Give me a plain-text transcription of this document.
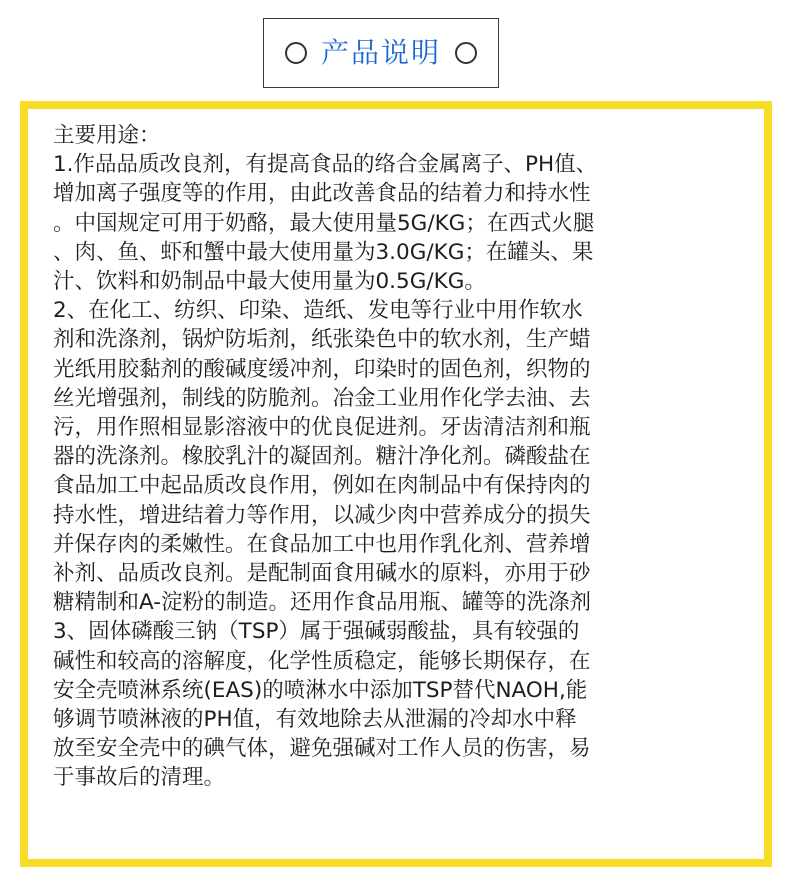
产品说明

主要用途：

1.作品品质改良剂，有提高食品的络合金属离子、PH值、
增加离子强度等的作用，由此改善食品的结着力和持水性
。中国规定可用于奶酪，最大使用量5G/KG；在西式火腿
、肉、鱼、虾和蟹中最大使用量为3.0G/KG；在罐头、果
汁、饮料和奶制品中最大使用量为0.5G/KG。

2、在化工、纺织、印染、造纸、发电等行业中用作软水
剂和洗涤剂，锅炉防垢剂，纸张染色中的软水剂，生产蜡
光纸用胶黏剂的酸碱度缓冲剂，印染时的固色剂，织物的
丝光增强剂，制线的防脆剂。冶金工业用作化学去油、去
污，用作照相显影溶液中的优良促进剂。牙齿清洁剂和瓶
器的洗涤剂。橡胶乳汁的凝固剂。糖汁净化剂。磷酸盐在
食品加工中起品质改良作用，例如在肉制品中有保持肉的
持水性，增进结着力等作用，以减少肉中营养成分的损失
并保存肉的柔嫩性。在食品加工中也用作乳化剂、营养增
补剂、品质改良剂。是配制面食用碱水的原料，亦用于砂
糖精制和A-淀粉的制造。还用作食品用瓶、罐等的洗涤剂

3、固体磷酸三钠（TSP）属于强碱弱酸盐，具有较强的
碱性和较高的溶解度，化学性质稳定，能够长期保存，在
安全壳喷淋系统(EAS)的喷淋水中添加TSP替代NAOH,能
够调节喷淋液的PH值，有效地除去从泄漏的冷却水中释
放至安全壳中的碘气体，避免强碱对工作人员的伤害，易
于事故后的清理。
